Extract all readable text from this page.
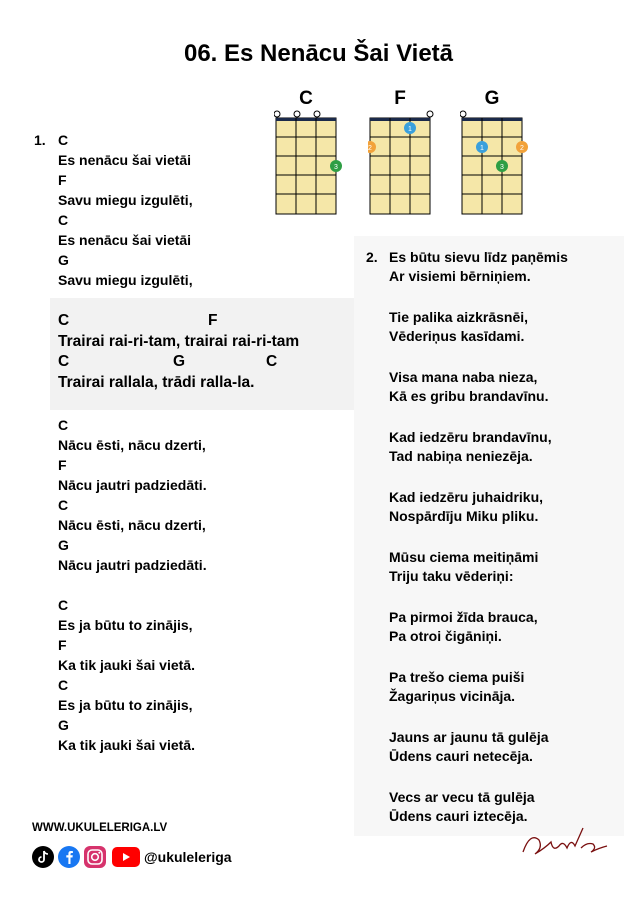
06. Es Nenācu Šai Vietā
C
3
F
1
2
G
1	2
3
1. C
Es nenācu šai vietāi
F
Savu miegu izgulēti,
C
Es nenācu šai vietāi
G
Savu miegu izgulēti,
C	F
Trairai rai-ri-tam, trairai rai-ri-tam
C	G	C
Trairai rallala, trādi ralla-la.
C
Nācu ēsti, nācu dzerti,
F
Nācu jautri padziedāti.
C
Nācu ēsti, nācu dzerti,
G
Nācu jautri padziedāti.
C
Es ja būtu to zinājis,
F
Ka tik jauki šai vietā.
C
Es ja būtu to zinājis,
G
Ka tik jauki šai vietā.
2. Es būtu sievu līdz paņēmis
Ar visiemi bērniņiem.
Tie palika aizkrāsnēi,
Vēderiņus kasīdami.
Visa mana naba nieza,
Kā es gribu brandavīnu.
Kad iedzēru brandavīnu,
Tad nabiņa neniezēja.
Kad iedzēru juhaidriku,
Nospārdīju Miku pliku.
Mūsu ciema meitiņāmi
Triju taku vēderiņi:
Pa pirmoi žīda brauca,
Pa otroi čigāniņi.
Pa trešo ciema puiši
Žagariņus vicināja.
Jauns ar jaunu tā gulēja
Ūdens cauri netecēja.
Vecs ar vecu tā gulēja
Ūdens cauri iztecēja.
WWW.UKULELERIGA.LV
@ukuleleriga
